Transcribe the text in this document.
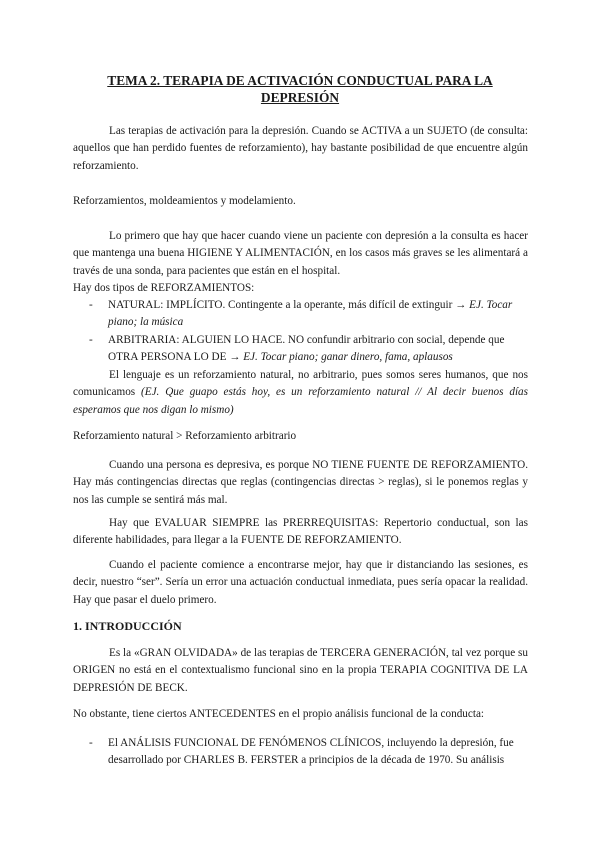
TEMA 2. TERAPIA DE ACTIVACIÓN CONDUCTUAL PARA LA
DEPRESIÓN

Las terapias de activación para la depresión. Cuando se ACTIVA a un SUJETO (de consulta: aquellos que han perdido fuentes de reforzamiento), hay bastante posibilidad de que encuentre algún reforzamiento.

Reforzamientos, moldeamientos y modelamiento.

Lo primero que hay que hacer cuando viene un paciente con depresión a la consulta es hacer que mantenga una buena HIGIENE Y ALIMENTACIÓN, en los casos más graves se les alimentará a través de una sonda, para pacientes que están en el hospital.

Hay dos tipos de REFORZAMIENTOS:

- NATURAL: IMPLÍCITO. Contingente a la operante, más difícil de extinguir → EJ. Tocar piano; la música
- ARBITRARIA: ALGUIEN LO HACE. NO confundir arbitrario con social, depende que OTRA PERSONA LO DE → EJ. Tocar piano; ganar dinero, fama, aplausos

El lenguaje es un reforzamiento natural, no arbitrario, pues somos seres humanos, que nos comunicamos (EJ. Que guapo estás hoy, es un reforzamiento natural // Al decir buenos días esperamos que nos digan lo mismo)

Reforzamiento natural > Reforzamiento arbitrario

Cuando una persona es depresiva, es porque NO TIENE FUENTE DE REFORZAMIENTO. Hay más contingencias directas que reglas (contingencias directas > reglas), si le ponemos reglas y nos las cumple se sentirá más mal.

Hay que EVALUAR SIEMPRE las PRERREQUISITAS: Repertorio conductual, son las diferente habilidades, para llegar a la FUENTE DE REFORZAMIENTO.

Cuando el paciente comience a encontrarse mejor, hay que ir distanciando las sesiones, es decir, nuestro “ser”. Sería un error una actuación conductual inmediata, pues sería opacar la realidad. Hay que pasar el duelo primero.

1. INTRODUCCIÓN

Es la «GRAN OLVIDADA» de las terapias de TERCERA GENERACIÓN, tal vez porque su ORIGEN no está en el contextualismo funcional sino en la propia TERAPIA COGNITIVA DE LA DEPRESIÓN DE BECK.

No obstante, tiene ciertos ANTECEDENTES en el propio análisis funcional de la conducta:

- El ANÁLISIS FUNCIONAL DE FENÓMENOS CLÍNICOS, incluyendo la depresión, fue desarrollado por CHARLES B. FERSTER a principios de la década de 1970. Su análisis
